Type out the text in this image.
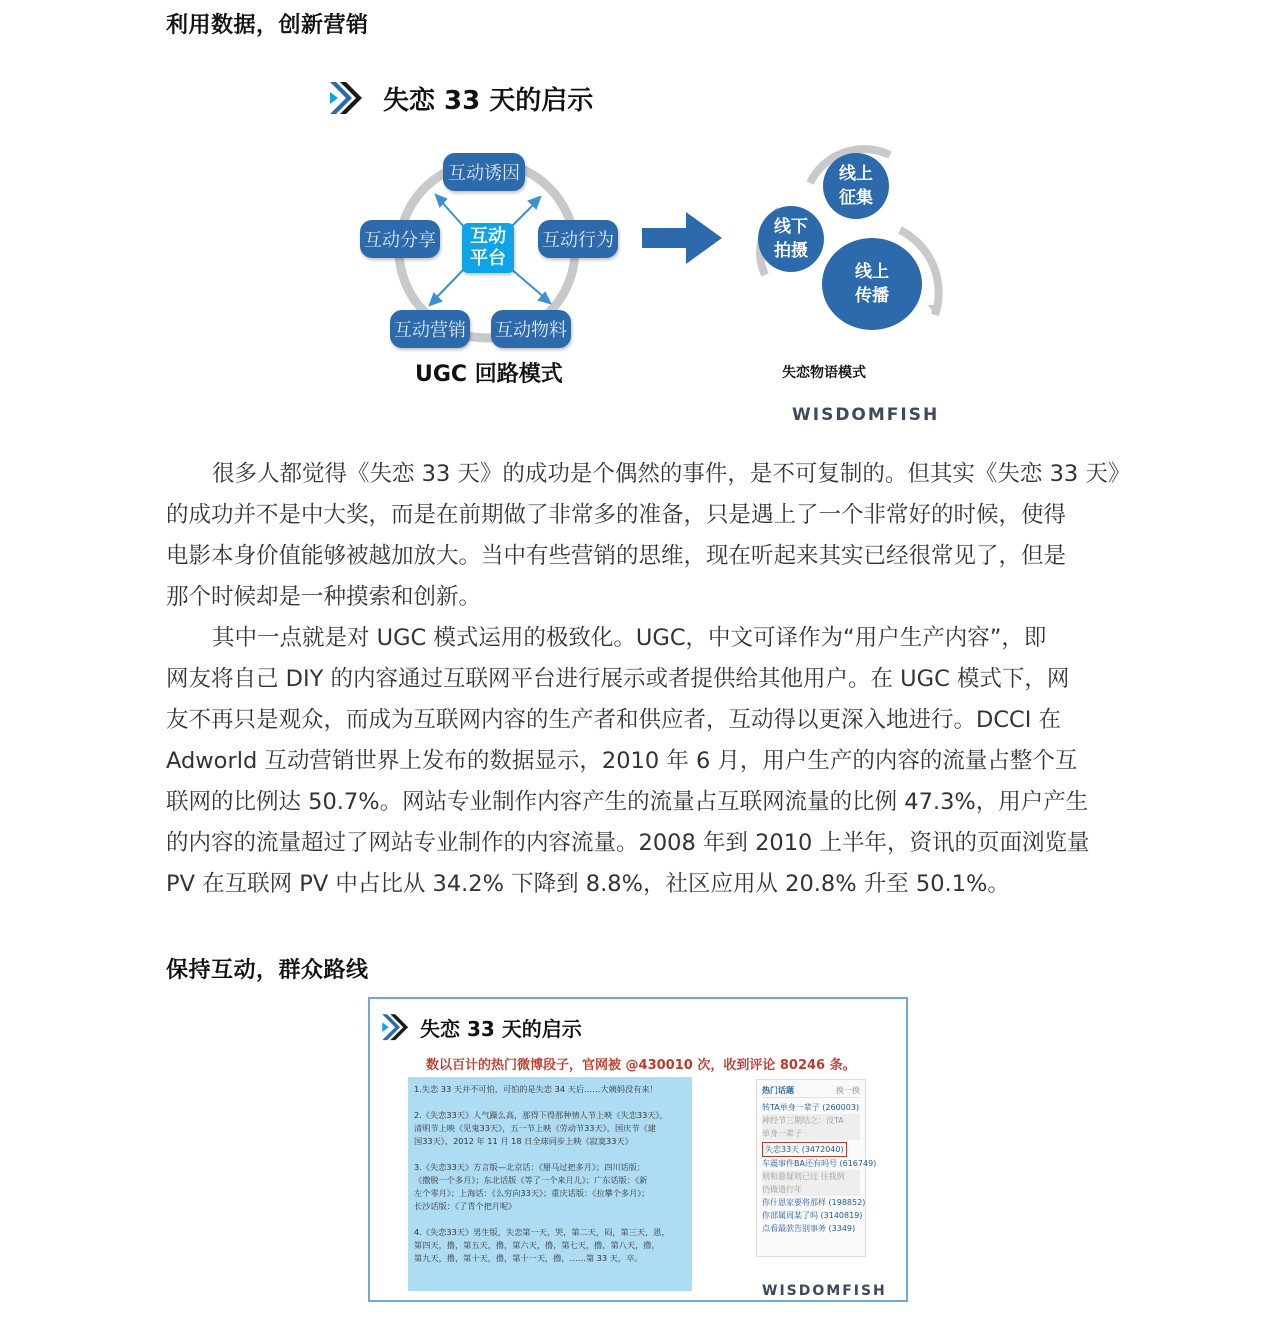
利用数据，创新营销
失恋 33 天的启示
互动
平台
互动诱因
互动行为
互动物料
互动营销
互动分享
UGC 回路模式
线上
征集
线下
拍摄
线上
传播
失恋物语模式
WISDOMFISH
很多人都觉得《失恋 33 天》的成功是个偶然的事件，是不可复制的。但其实《失恋 33 天》
的成功并不是中大奖，而是在前期做了非常多的准备，只是遇上了一个非常好的时候，使得
电影本身价值能够被越加放大。当中有些营销的思维，现在听起来其实已经很常见了，但是
那个时候却是一种摸索和创新。
其中一点就是对 UGC 模式运用的极致化。UGC，中文可译作为“用户生产内容”，即
网友将自己 DIY 的内容通过互联网平台进行展示或者提供给其他用户。在 UGC 模式下，网
友不再只是观众，而成为互联网内容的生产者和供应者，互动得以更深入地进行。DCCI 在
Adworld 互动营销世界上发布的数据显示，2010 年 6 月，用户生产的内容的流量占整个互
联网的比例达 50.7%。网站专业制作内容产生的流量占互联网流量的比例 47.3%，用户产生
的内容的流量超过了网站专业制作的内容流量。2008 年到 2010 上半年，资讯的页面浏览量
PV 在互联网 PV 中占比从 34.2% 下降到 8.8%，社区应用从 20.8% 升至 50.1%。
保持互动，群众路线
失恋 33 天的启示
数以百计的热门微博段子，官网被 @430010 次，收到评论 80246 条。
1.失恋 33 天并不可怕，可怕的是失恋 34 天后……大姨妈没有来！

2.《失恋33天》人气躁么高，那得下得那种情人节上映《失恋33天》，
清明节上映《见鬼33天》，五一节上映《劳动节33天》，国庆节《建
国33天》，2012 年 11 月 18 日全球同步上映《寂寞33天》

3.《失恋33天》方言版—北京话：《掰马过把多月》；四川话版：
《撒脱一个多月》；东北话版《等了一个来月儿》；广东话版：《新
左个零月》；上海话：《么穷向33天》；重庆话版：《拉攀个多月》；
长沙话版：《了青个把月呢》

4.《失恋33天》男生版，失恋第一天，哭，第二天，闷，第三天，恩，
第四天，撸，第五天，撸，第六天，撸，第七天，撸，第八天，撸，
第九天，撸，第十天，撸，第十一天，撸，……第 33 天，卒。
热门话题	换一换
转TA单身一辈子 (260003)
神经节三期结之：没TA
单身一辈子
失恋33天 (3472040)
车震事件BA还有吗号 (616749)
则和悬疑则已过 往我例
仍做道行年
你什恩家要将那样 (198852)
你部属周某了吗 (3140819)
点看最款告别事务 (3349)
WISDOMFISH
